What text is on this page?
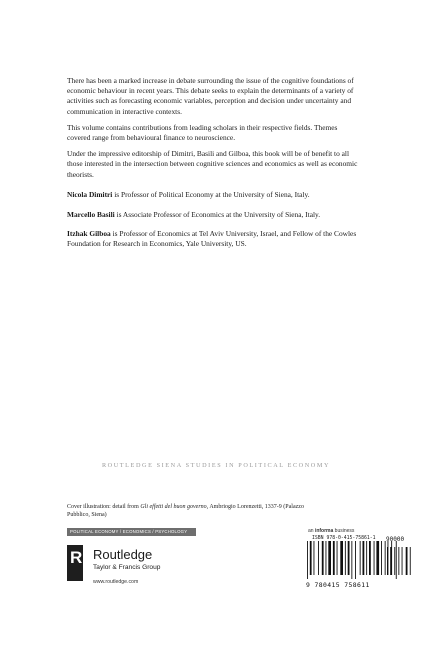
There has been a marked increase in debate surrounding the issue of the cognitive foundations of economic behaviour in recent years. This debate seeks to explain the determinants of a variety of activities such as forecasting economic variables, perception and decision under uncertainty and communication in interactive contexts.

This volume contains contributions from leading scholars in their respective fields. Themes covered range from behavioural finance to neuroscience.

Under the impressive editorship of Dimitri, Basili and Gilboa, this book will be of benefit to all those interested in the intersection between cognitive sciences and economics as well as economic theorists.

Nicola Dimitri is Professor of Political Economy at the University of Siena, Italy.

Marcello Basili is Associate Professor of Economics at the University of Siena, Italy.

Itzhak Gilboa is Professor of Economics at Tel Aviv University, Israel, and Fellow of the Cowles Foundation for Research in Economics, Yale University, US.

ROUTLEDGE SIENA STUDIES IN POLITICAL ECONOMY
Cover illustration: detail from Gli effetti del buon governo, Ambriogio Lorenzetti, 1337-9 (Palazzo Pubblico, Siena)
POLITICAL ECONOMY / ECONOMICS / PSYCHOLOGY	an informa business
R Routledge
Taylor & Francis Group
www.routledge.com
ISBN 978-0-415-75861-1 90000
9 780415 758611
